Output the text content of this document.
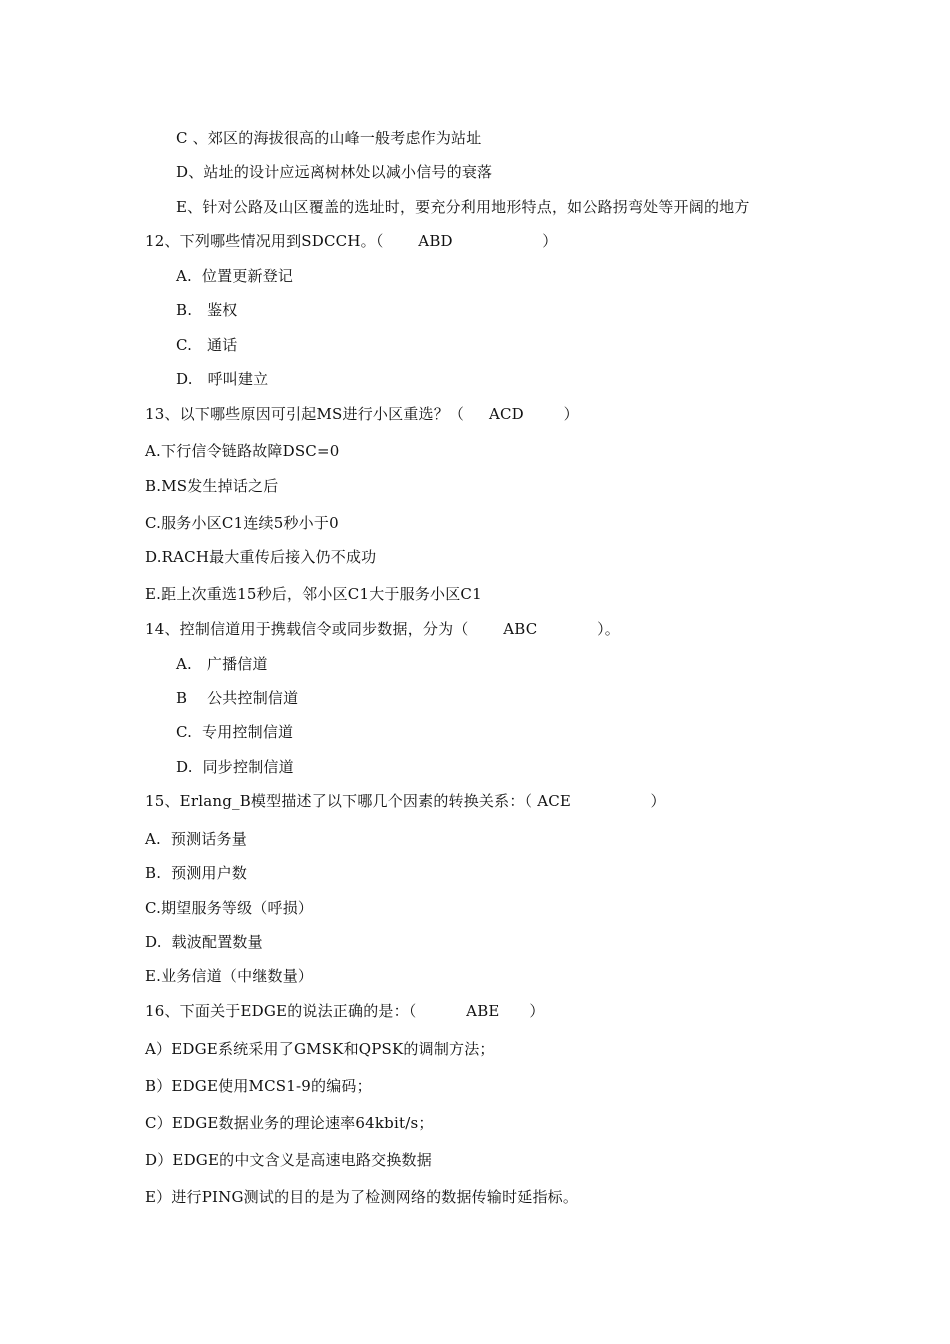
C 、郊区的海拔很高的山峰一般考虑作为站址
D、站址的设计应远离树林处以减小信号的衰落
E、针对公路及山区覆盖的选址时，要充分利用地形特点，如公路拐弯处等开阔的地方
12、下列哪些情况用到SDCCH。（       ABD                  ）
A.  位置更新登记
B.   鉴权
C.   通话
D.   呼叫建立
13、以下哪些原因可引起MS进行小区重选？（     ACD        ）
A.下行信令链路故障DSC=0
B.MS发生掉话之后
C.服务小区C1连续5秒小于0
D.RACH最大重传后接入仍不成功
E.距上次重选15秒后，邻小区C1大于服务小区C1
14、控制信道用于携载信令或同步数据，分为（       ABC            ）。
A.   广播信道
B    公共控制信道
C.  专用控制信道
D.  同步控制信道
15、Erlang_B模型描述了以下哪几个因素的转换关系：（ ACE                ）
A.  预测话务量
B.  预测用户数
C.期望服务等级（呼损）
D.  载波配置数量
E.业务信道（中继数量）
16、下面关于EDGE的说法正确的是：（          ABE      ）
A）EDGE系统采用了GMSK和QPSK的调制方法；
B）EDGE使用MCS1-9的编码；
C）EDGE数据业务的理论速率64kbit/s；
D）EDGE的中文含义是高速电路交换数据
E）进行PING测试的目的是为了检测网络的数据传输时延指标。
